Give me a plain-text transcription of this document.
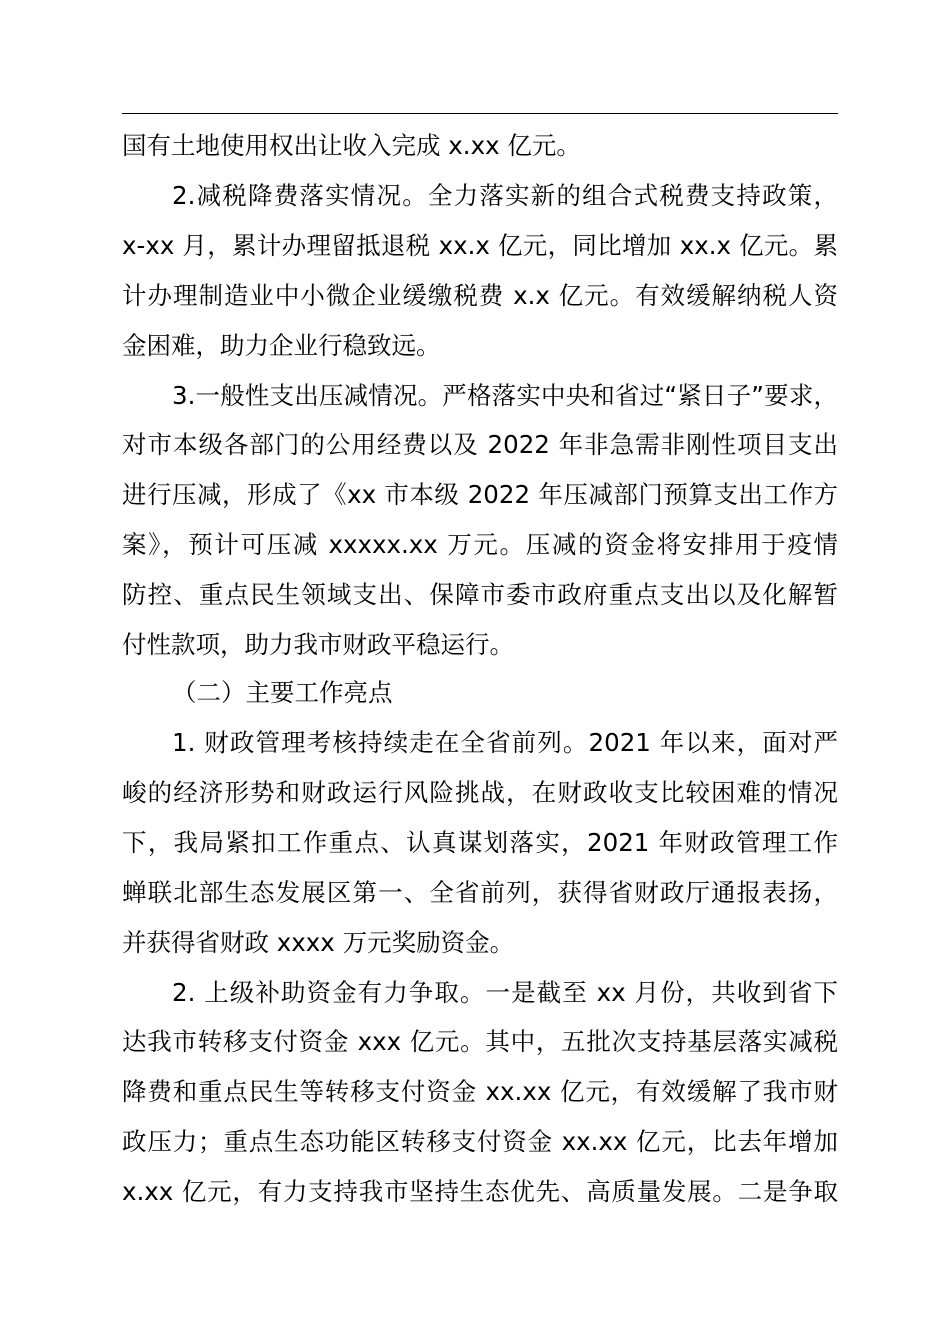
国有土地使用权出让收入完成 x.xx 亿元。
2.减税降费落实情况。全力落实新的组合式税费支持政策，
x-xx 月，累计办理留抵退税 xx.x 亿元，同比增加 xx.x 亿元。累
计办理制造业中小微企业缓缴税费 x.x 亿元。有效缓解纳税人资
金困难，助力企业行稳致远。
3.一般性支出压减情况。严格落实中央和省过“紧日子”要求，
对市本级各部门的公用经费以及 2022 年非急需非刚性项目支出
进行压减，形成了《xx 市本级 2022 年压减部门预算支出工作方
案》，预计可压减 xxxxx.xx 万元。压减的资金将安排用于疫情
防控、重点民生领域支出、保障市委市政府重点支出以及化解暂
付性款项，助力我市财政平稳运行。
（二）主要工作亮点
1. 财政管理考核持续走在全省前列。2021 年以来，面对严
峻的经济形势和财政运行风险挑战，在财政收支比较困难的情况
下，我局紧扣工作重点、认真谋划落实，2021 年财政管理工作
蝉联北部生态发展区第一、全省前列，获得省财政厅通报表扬，
并获得省财政 xxxx 万元奖励资金。
2. 上级补助资金有力争取。一是截至 xx 月份，共收到省下
达我市转移支付资金 xxx 亿元。其中，五批次支持基层落实减税
降费和重点民生等转移支付资金 xx.xx 亿元，有效缓解了我市财
政压力；重点生态功能区转移支付资金 xx.xx 亿元，比去年增加
x.xx 亿元，有力支持我市坚持生态优先、高质量发展。二是争取
